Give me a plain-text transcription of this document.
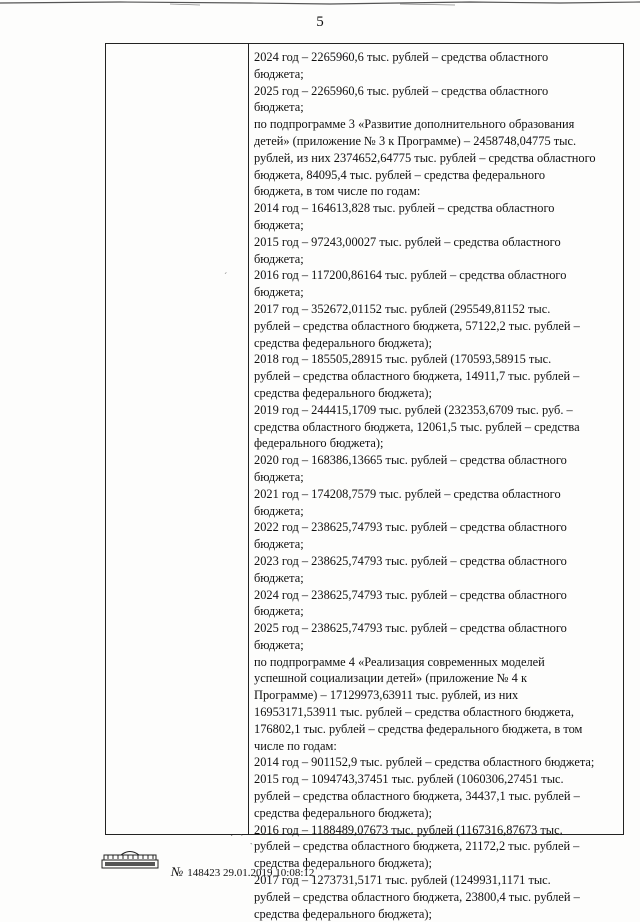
5
2024 год – 2265960,6 тыс. рублей – средства областного
бюджета;
2025 год – 2265960,6 тыс. рублей – средства областного
бюджета;
по подпрограмме 3 «Развитие дополнительного образования
детей» (приложение № 3 к Программе) – 2458748,04775 тыс.
рублей, из них 2374652,64775 тыс. рублей – средства областного
бюджета, 84095,4 тыс. рублей – средства федерального
бюджета, в том числе по годам:
2014 год – 164613,828 тыс. рублей – средства областного
бюджета;
2015 год – 97243,00027 тыс. рублей – средства областного
бюджета;
2016 год – 117200,86164 тыс. рублей – средства областного
бюджета;
2017 год – 352672,01152 тыс. рублей (295549,81152 тыс.
рублей – средства областного бюджета, 57122,2 тыс. рублей –
средства федерального бюджета);
2018 год – 185505,28915 тыс. рублей (170593,58915 тыс.
рублей – средства областного бюджета, 14911,7 тыс. рублей –
средства федерального бюджета);
2019 год – 244415,1709 тыс. рублей (232353,6709 тыс. руб. –
средства областного бюджета, 12061,5 тыс. рублей – средства
федерального бюджета);
2020 год – 168386,13665 тыс. рублей – средства областного
бюджета;
2021 год – 174208,7579 тыс. рублей – средства областного
бюджета;
2022 год – 238625,74793 тыс. рублей – средства областного
бюджета;
2023 год – 238625,74793 тыс. рублей – средства областного
бюджета;
2024 год – 238625,74793 тыс. рублей – средства областного
бюджета;
2025 год – 238625,74793 тыс. рублей – средства областного
бюджета;
по подпрограмме 4 «Реализация современных моделей
успешной социализации детей» (приложение № 4 к
Программе) – 17129973,63911 тыс. рублей, из них
16953171,53911 тыс. рублей – средства областного бюджета,
176802,1 тыс. рублей – средства федерального бюджета, в том
числе по годам:
2014 год – 901152,9 тыс. рублей – средства областного бюджета;
2015 год – 1094743,37451 тыс. рублей (1060306,27451 тыс.
рублей – средства областного бюджета, 34437,1 тыс. рублей –
средства федерального бюджета);
2016 год – 1188489,07673 тыс. рублей (1167316,87673 тыс.
рублей – средства областного бюджета, 21172,2 тыс. рублей –
средства федерального бюджета);
2017 год – 1273731,5171 тыс. рублей (1249931,1171 тыс.
рублей – средства областного бюджета, 23800,4 тыс. рублей –
средства федерального бюджета);
´
˙ ` ˏ ˎ
№ 148423 29.01.2019 10:08:12
